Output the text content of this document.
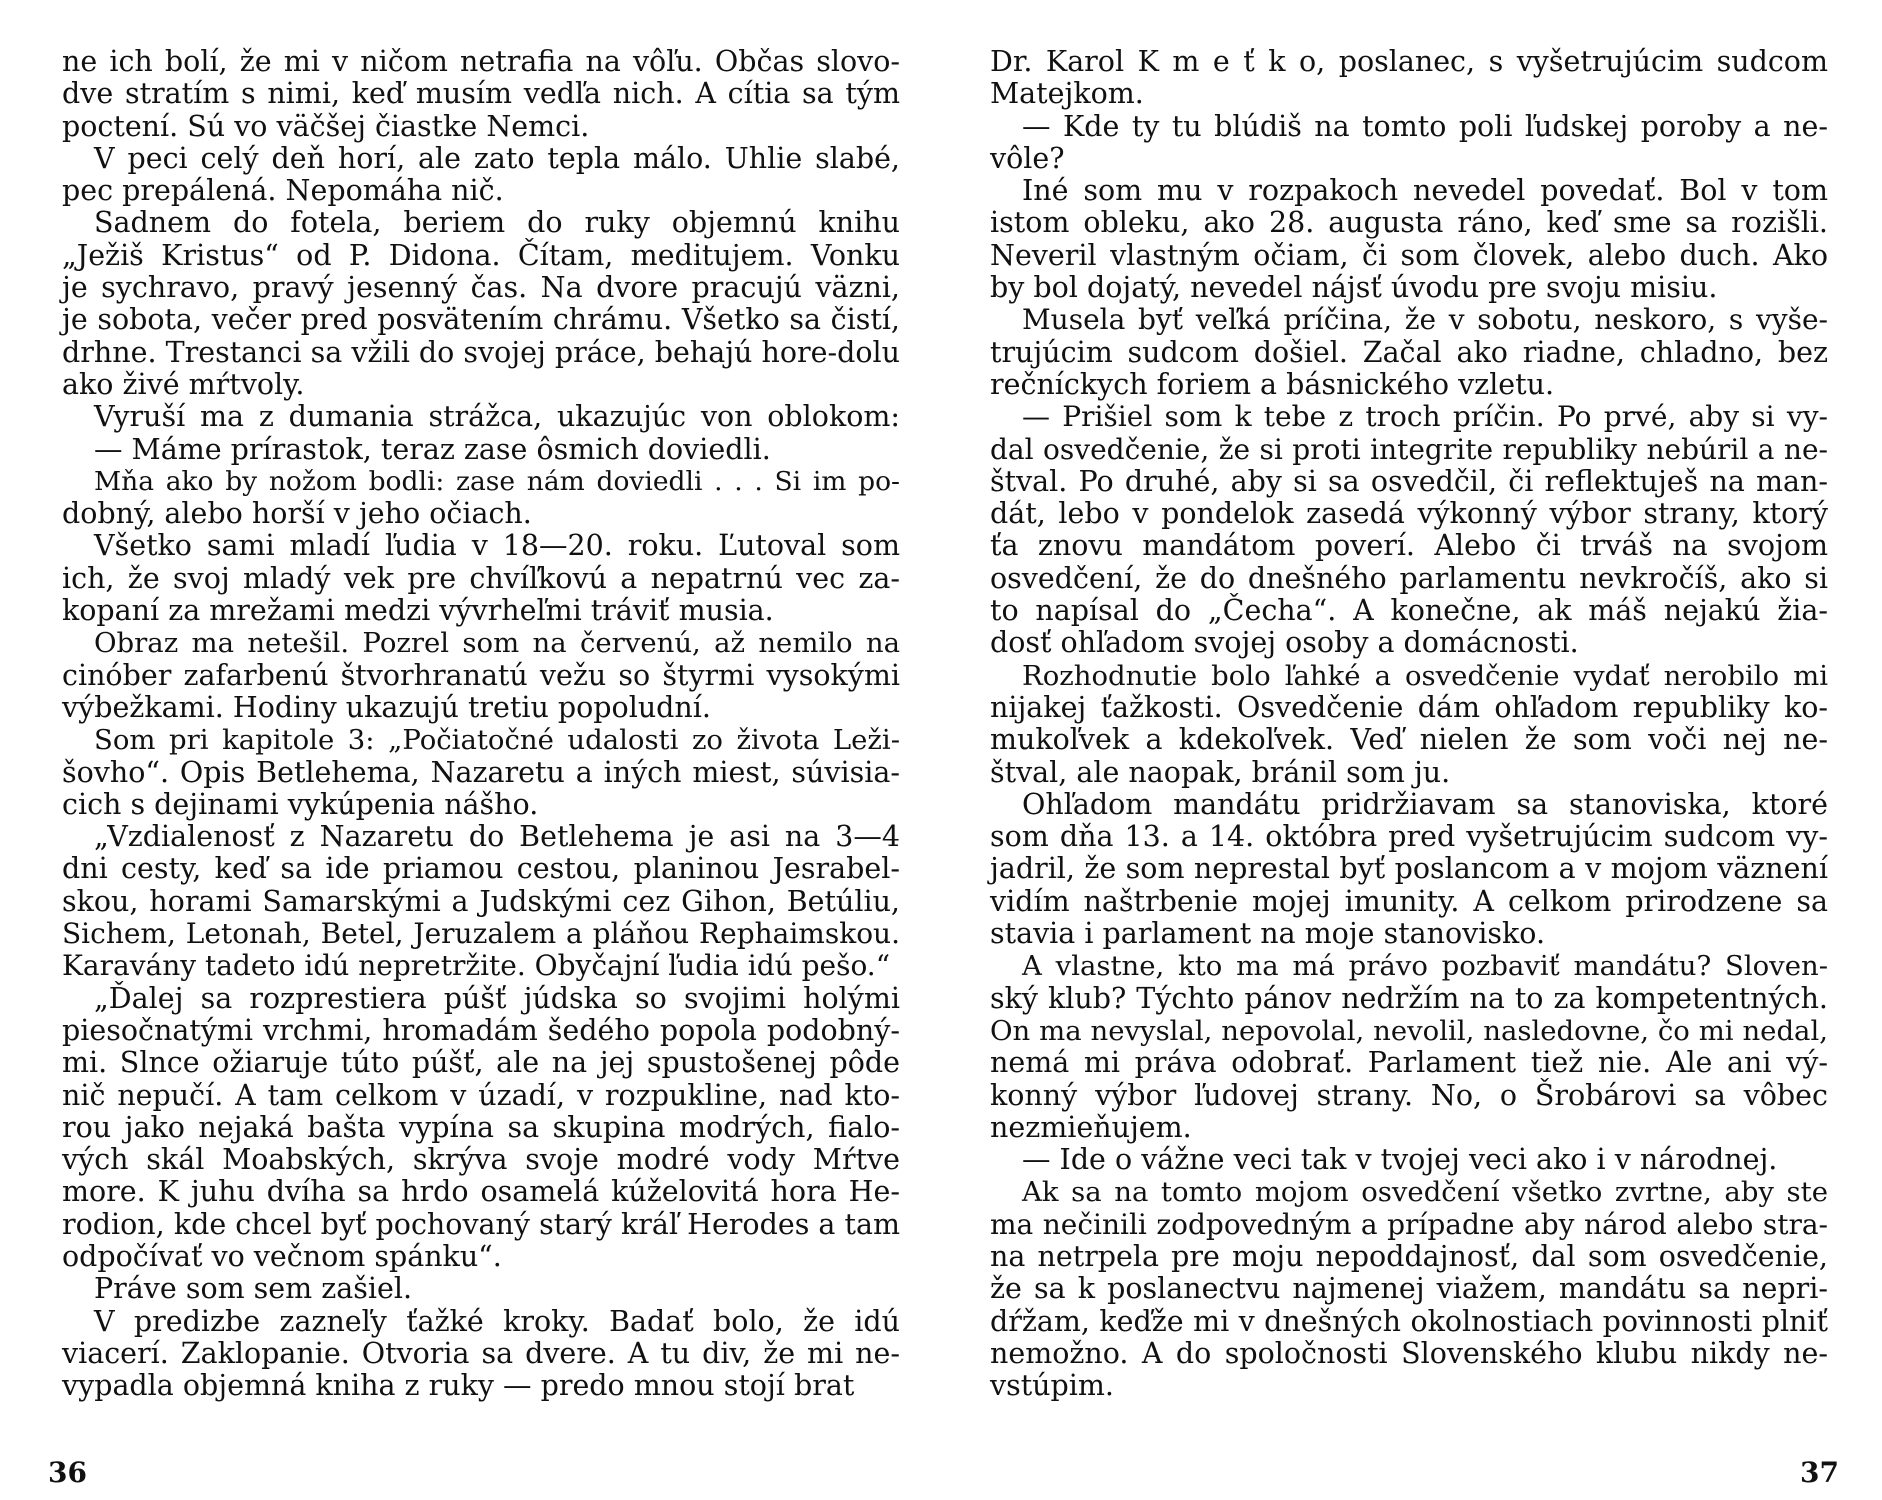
ne ich bolí, že mi v ničom netrafia na vôľu. Občas slovo-
dve stratím s nimi, keď musím vedľa nich. A cítia sa tým
poctení. Sú vo väčšej čiastke Nemci.
V peci celý deň horí, ale zato tepla málo. Uhlie slabé,
pec prepálená. Nepomáha nič.
Sadnem do fotela, beriem do ruky objemnú knihu
„Ježiš Kristus“ od P. Didona. Čítam, meditujem. Vonku
je sychravo, pravý jesenný čas. Na dvore pracujú väzni,
je sobota, večer pred posvätením chrámu. Všetko sa čistí,
drhne. Trestanci sa vžili do svojej práce, behajú hore-dolu
ako živé mŕtvoly.
Vyruší ma z dumania strážca, ukazujúc von oblokom:
— Máme prírastok, teraz zase ôsmich doviedli.
Mňa ako by nožom bodli: zase nám doviedli . . . Si im po-
dobný, alebo horší v jeho očiach.
Všetko sami mladí ľudia v 18—20. roku. Ľutoval som
ich, že svoj mladý vek pre chvíľkovú a nepatrnú vec za-
kopaní za mrežami medzi vývrheľmi tráviť musia.
Obraz ma netešil. Pozrel som na červenú, až nemilo na
cinóber zafarbenú štvorhranatú vežu so štyrmi vysokými
výbežkami. Hodiny ukazujú tretiu popoludní.
Som pri kapitole 3: „Počiatočné udalosti zo života Leži-
šovho“. Opis Betlehema, Nazaretu a iných miest, súvisia-
cich s dejinami vykúpenia nášho.
„Vzdialenosť z Nazaretu do Betlehema je asi na 3—4
dni cesty, keď sa ide priamou cestou, planinou Jesrabel-
skou, horami Samarskými a Judskými cez Gihon, Betúliu,
Sichem, Letonah, Betel, Jeruzalem a pláňou Rephaimskou.
Karavány tadeto idú nepretržite. Obyčajní ľudia idú pešo.“
„Ďalej sa rozprestiera púšť júdska so svojimi holými
piesočnatými vrchmi, hromadám šedého popola podobný-
mi. Slnce ožiaruje túto púšť, ale na jej spustošenej pôde
nič nepučí. A tam celkom v úzadí, v rozpukline, nad kto-
rou jako nejaká bašta vypína sa skupina modrých, fialo-
vých skál Moabských, skrýva svoje modré vody Mŕtve
more. K juhu dvíha sa hrdo osamelá kúželovitá hora He-
rodion, kde chcel byť pochovaný starý kráľ Herodes a tam
odpočívať vo večnom spánku“.
Práve som sem zašiel.
V predizbe zazneľy ťažké kroky. Badať bolo, že idú
viacerí. Zaklopanie. Otvoria sa dvere. A tu div, že mi ne-
vypadla objemná kniha z ruky — predo mnou stojí brat
36
Dr. Karol K m e ť k o, poslanec, s vyšetrujúcim sudcom
Matejkom.
— Kde ty tu blúdiš na tomto poli ľudskej poroby a ne-
vôle?
Iné som mu v rozpakoch nevedel povedať. Bol v tom
istom obleku, ako 28. augusta ráno, keď sme sa rozišli.
Neveril vlastným očiam, či som človek, alebo duch. Ako
by bol dojatý, nevedel nájsť úvodu pre svoju misiu.
Musela byť veľká príčina, že v sobotu, neskoro, s vyše-
trujúcim sudcom došiel. Začal ako riadne, chladno, bez
rečníckych foriem a básnického vzletu.
— Prišiel som k tebe z troch príčin. Po prvé, aby si vy-
dal osvedčenie, že si proti integrite republiky nebúril a ne-
štval. Po druhé, aby si sa osvedčil, či reflektuješ na man-
dát, lebo v pondelok zasedá výkonný výbor strany, ktorý
ťa znovu mandátom poverí. Alebo či trváš na svojom
osvedčení, že do dnešného parlamentu nevkročíš, ako si
to napísal do „Čecha“. A konečne, ak máš nejakú žia-
dosť ohľadom svojej osoby a domácnosti.
Rozhodnutie bolo ľahké a osvedčenie vydať nerobilo mi
nijakej ťažkosti. Osvedčenie dám ohľadom republiky ko-
mukoľvek a kdekoľvek. Veď nielen že som voči nej ne-
štval, ale naopak, bránil som ju.
Ohľadom mandátu pridržiavam sa stanoviska, ktoré
som dňa 13. a 14. októbra pred vyšetrujúcim sudcom vy-
jadril, že som neprestal byť poslancom a v mojom väznení
vidím naštrbenie mojej imunity. A celkom prirodzene sa
stavia i parlament na moje stanovisko.
A vlastne, kto ma má právo pozbaviť mandátu? Sloven-
ský klub? Týchto pánov nedržím na to za kompetentných.
On ma nevyslal, nepovolal, nevolil, nasledovne, čo mi nedal,
nemá mi práva odobrať. Parlament tiež nie. Ale ani vý-
konný výbor ľudovej strany. No, o Šrobárovi sa vôbec
nezmieňujem.
— Ide o vážne veci tak v tvojej veci ako i v národnej.
Ak sa na tomto mojom osvedčení všetko zvrtne, aby ste
ma nečinili zodpovedným a prípadne aby národ alebo stra-
na netrpela pre moju nepoddajnosť, dal som osvedčenie,
že sa k poslanectvu najmenej viažem, mandátu sa nepri-
dŕžam, keďže mi v dnešných okolnostiach povinnosti plniť
nemožno. A do spoločnosti Slovenského klubu nikdy ne-
vstúpim.
37
